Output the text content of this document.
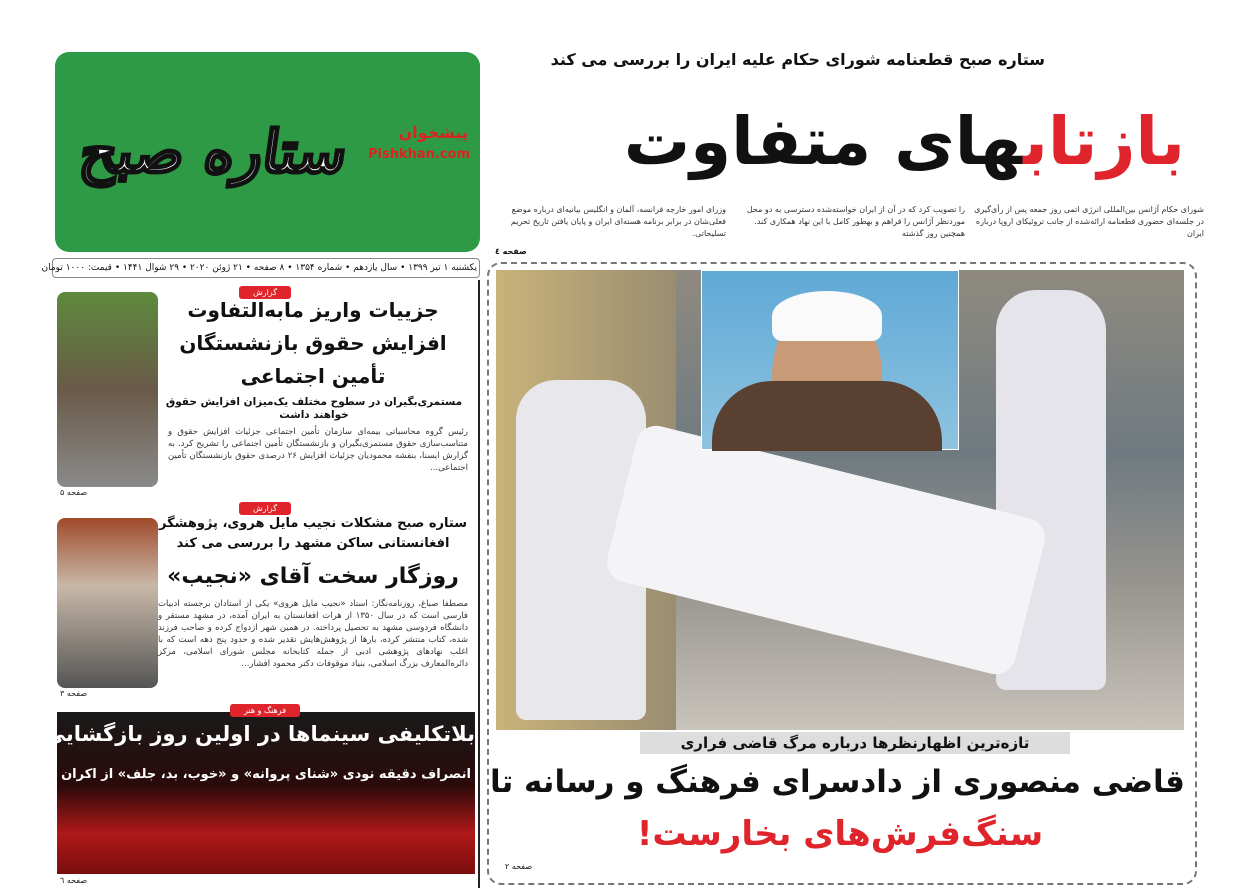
ستاره صبح	پیشخوان
Pishkhan.com
ستاره صبح قطعنامه شورای حکام علیه ایران را بررسی می کند
بازتابهای متفاوت
شورای حکام آژانس بین‌المللی انرژی اتمی روز جمعه پس از رأی‌گیری در جلسه‌ای حضوری قطعنامه ارائه‌شده از جانب تروئیکای اروپا درباره ایران
را تصویب کرد که در آن از ایران خواسته‌شده دسترسی به دو محل موردنظر آژانس را فراهم و بهطور کامل با این نهاد همکاری کند. همچنین روز گذشته
وزرای امور خارجه فرانسه، آلمان و انگلیس بیانیه‌ای درباره موضع فعلی‌شان در برابر برنامه هسته‌ای ایران و پایان یافتن تاریخ تحریم تسلیحاتی.
صفحه ٤
یکشنبه ۱ تیر ۱۳۹۹ • سال یازدهم • شماره ۱۳۵۴ • ۸ صفحه • ۲۱ ژوئن ۲۰۲۰ • ۲۹ شوال ۱۴۴۱ • قیمت: ۱۰۰۰ تومان
گزارش
جزییات واریز مابه‌التفاوت
افزایش حقوق بازنشستگان
تأمین اجتماعی
مستمری‌بگیران در سطوح مختلف یک‌میزان افزایش حقوق خواهند داشت
رئیس گروه محاسباتی بیمه‌ای سازمان تأمین اجتماعی جزئیات افزایش حقوق و متناسب‌سازی حقوق مستمری‌بگیران و بازنشستگان تأمین اجتماعی را تشریح کرد. به گزارش ایسنا، بنفشه محمودیان جزئیات افزایش ۲۶ درصدی حقوق بازنشستگان تأمین اجتماعی...
صفحه ۵
گزارش
ستاره صبح مشکلات نجیب مایل هروی، پژوهشگر
افغانستانی ساکن مشهد را بررسی می کند
روزگار سخت آقای «نجیب»
مصطفا صباغ، روزنامه‌نگار: استاد «نجیب مایل هروی» یکی از استادان برجسته ادبیات فارسی است که در سال ۱۳۵۰ از هرات افغانستان به ایران آمده، در مشهد مستقر و دانشگاه فردوسی مشهد به تحصیل پرداخته. در همین شهر ازدواج کرده و صاحب فرزند شده، کتاب منتشر کرده، بارها از پژوهش‌هایش تقدیر شده و حدود پنج دهه است که با اغلب نهادهای پژوهشی ادبی از جمله کتابخانه مجلس شورای اسلامی، مرکز دائره‌المعارف بزرگ اسلامی، بنیاد موقوفات دکتر محمود افشار...
صفحه ۳
فرهنگ و هنر
بلاتکلیفی سینماها در اولین روز بازگشایی
انصراف دقیقه نودی «شنای پروانه» و «خوب، بد، جلف» از اکران
صفحه ٦
تازه‌ترین اظهارنظرها درباره مرگ قاضی فراری
قاضی منصوری از دادسرای فرهنگ و رسانه تا
سنگ‌فرش‌های بخارست!
صفحه ۲
